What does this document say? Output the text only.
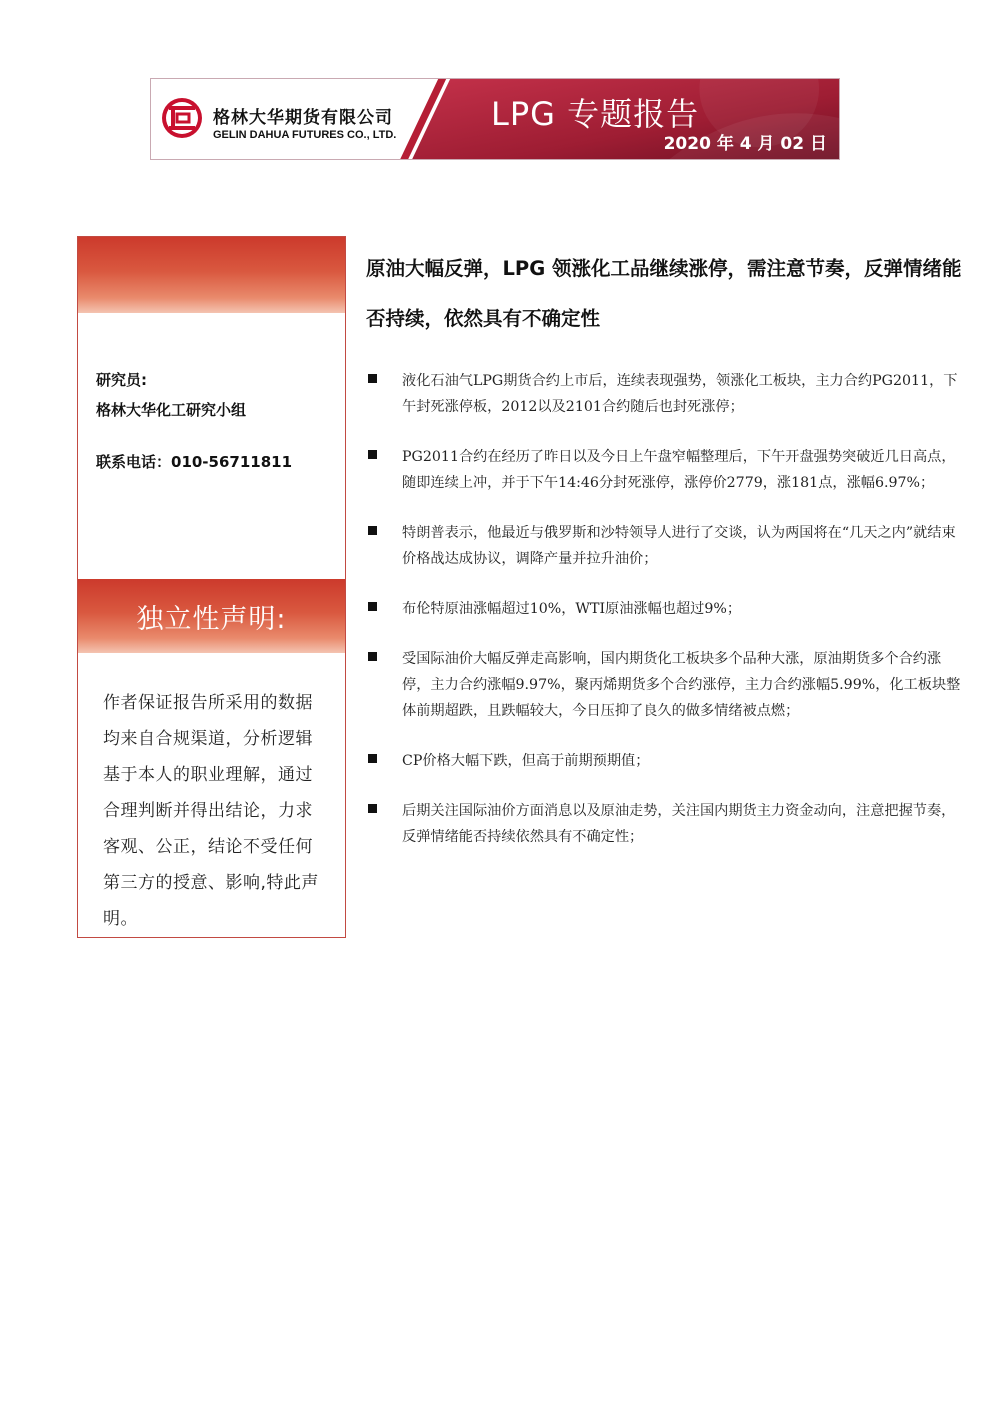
格林大华期货有限公司
GELIN DAHUA FUTURES CO., LTD.
LPG 专题报告
2020 年 4 月 02 日
研究员:
格林大华化工研究小组
联系电话：010-56711811
独立性声明:
作者保证报告所采用的数据均来自合规渠道，分析逻辑基于本人的职业理解，通过合理判断并得出结论，力求客观、公正，结论不受任何第三方的授意、影响,特此声明。
原油大幅反弹，LPG 领涨化工品继续涨停，需注意节奏，反弹情绪能否持续，依然具有不确定性
液化石油气LPG期货合约上市后，连续表现强势，领涨化工板块，主力合约PG2011，下午封死涨停板，2012以及2101合约随后也封死涨停；
PG2011合约在经历了昨日以及今日上午盘窄幅整理后，下午开盘强势突破近几日高点，随即连续上冲，并于下午14:46分封死涨停，涨停价2779，涨181点，涨幅6.97%；
特朗普表示，他最近与俄罗斯和沙特领导人进行了交谈，认为两国将在“几天之内”就结束价格战达成协议，调降产量并拉升油价；
布伦特原油涨幅超过10%，WTI原油涨幅也超过9%；
受国际油价大幅反弹走高影响，国内期货化工板块多个品种大涨，原油期货多个合约涨停，主力合约涨幅9.97%，聚丙烯期货多个合约涨停，主力合约涨幅5.99%，化工板块整体前期超跌，且跌幅较大，今日压抑了良久的做多情绪被点燃；
CP价格大幅下跌，但高于前期预期值；
后期关注国际油价方面消息以及原油走势，关注国内期货主力资金动向，注意把握节奏，反弹情绪能否持续依然具有不确定性；
